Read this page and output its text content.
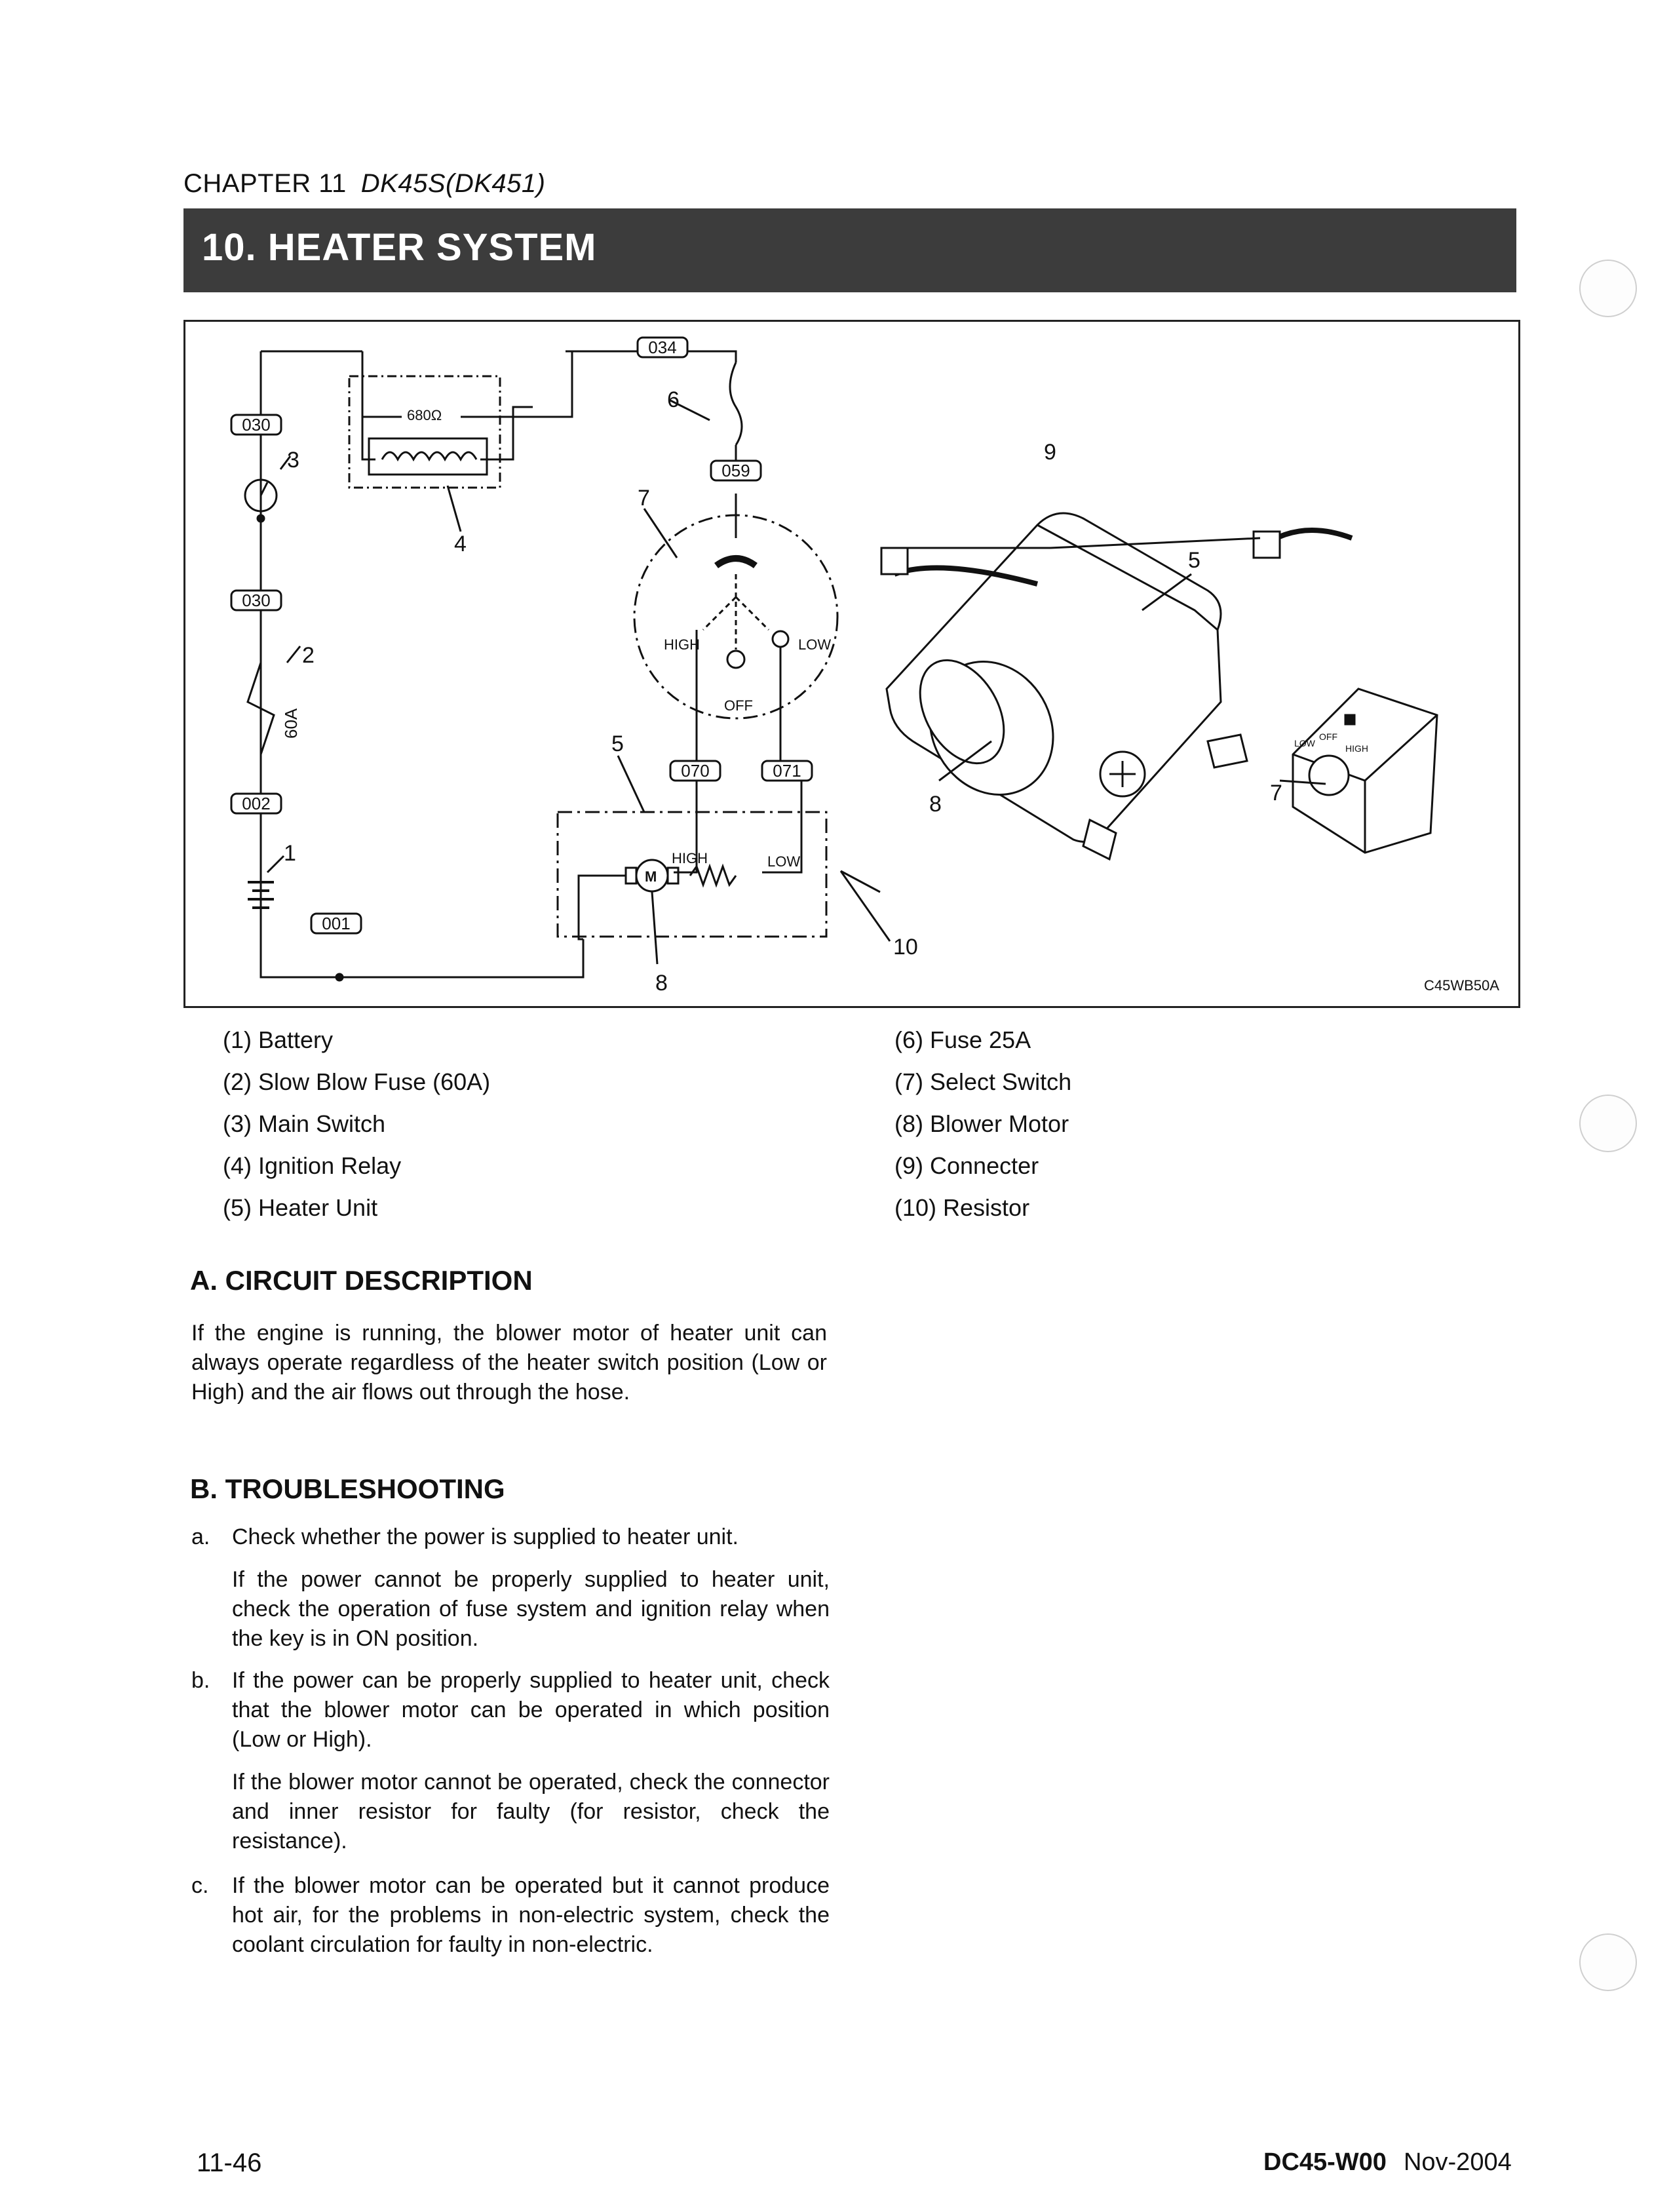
CHAPTER 11 DK45S(DK451)
10. HEATER SYSTEM
030
030
002
001
034
059
070	071
680Ω
HIGH	LOW
OFF
HIGH	LOW
M
C45WB50A
60A
1
2
3
4
5
6
7
8
10
9
5
8	7
LOW
OFF
HIGH
(1) Battery
(2) Slow Blow Fuse (60A)
(3) Main Switch
(4) Ignition Relay
(5) Heater Unit
(6) Fuse 25A
(7) Select Switch
(8) Blower Motor
(9) Connecter
(10) Resistor
A. CIRCUIT DESCRIPTION
If the engine is running, the blower motor of heater unit can always operate regardless of the heater switch position (Low or High) and the air flows out through the hose.
B. TROUBLESHOOTING
a. Check whether the power is supplied to heater unit.
If the power cannot be properly supplied to heater unit, check the operation of fuse system and ignition relay when the key is in ON position.
b. If the power can be properly supplied to heater unit, check that the blower motor can be operated in which position (Low or High).
If the blower motor cannot be operated, check the connector and inner resistor for faulty (for resistor, check the resistance).
c. If the blower motor can be operated but it cannot produce hot air, for the problems in non-electric system, check the coolant circulation for faulty in non-electric.
11-46	DC45-W00 Nov-2004
